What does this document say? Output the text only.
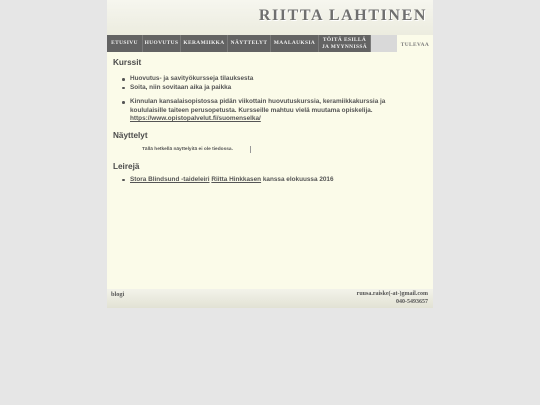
RIITTA LAHTINEN
ETUSIVU	HUOVUTUS KERAMIIKKA	NÄYTTELYT	MAALAUKSIA
TÖITÄ ESILLÄ
JA MYYNNISSÄ	TULEVAA
Kurssit
Huovutus- ja savityökursseja tilauksesta
Soita, niin sovitaan aika ja paikka
Kinnulan kansalaisopistossa pidän viikottain huovutuskurssia, keramiikkakurssia ja koululaisille taiteen perusopetusta. Kursseille mahtuu vielä muutama opiskelija.
https://www.opistopalvelut.fi/suomenselka/
Näyttelyt
Tällä hetkellä näyttelyitä ei ole tiedossa.
Leirejä
Stora Blindsund -taideleiri Riitta Hinkkasen kanssa elokuussa 2016
blogi	ruusa.raiske(-at-)gmail.com
040-5493657
